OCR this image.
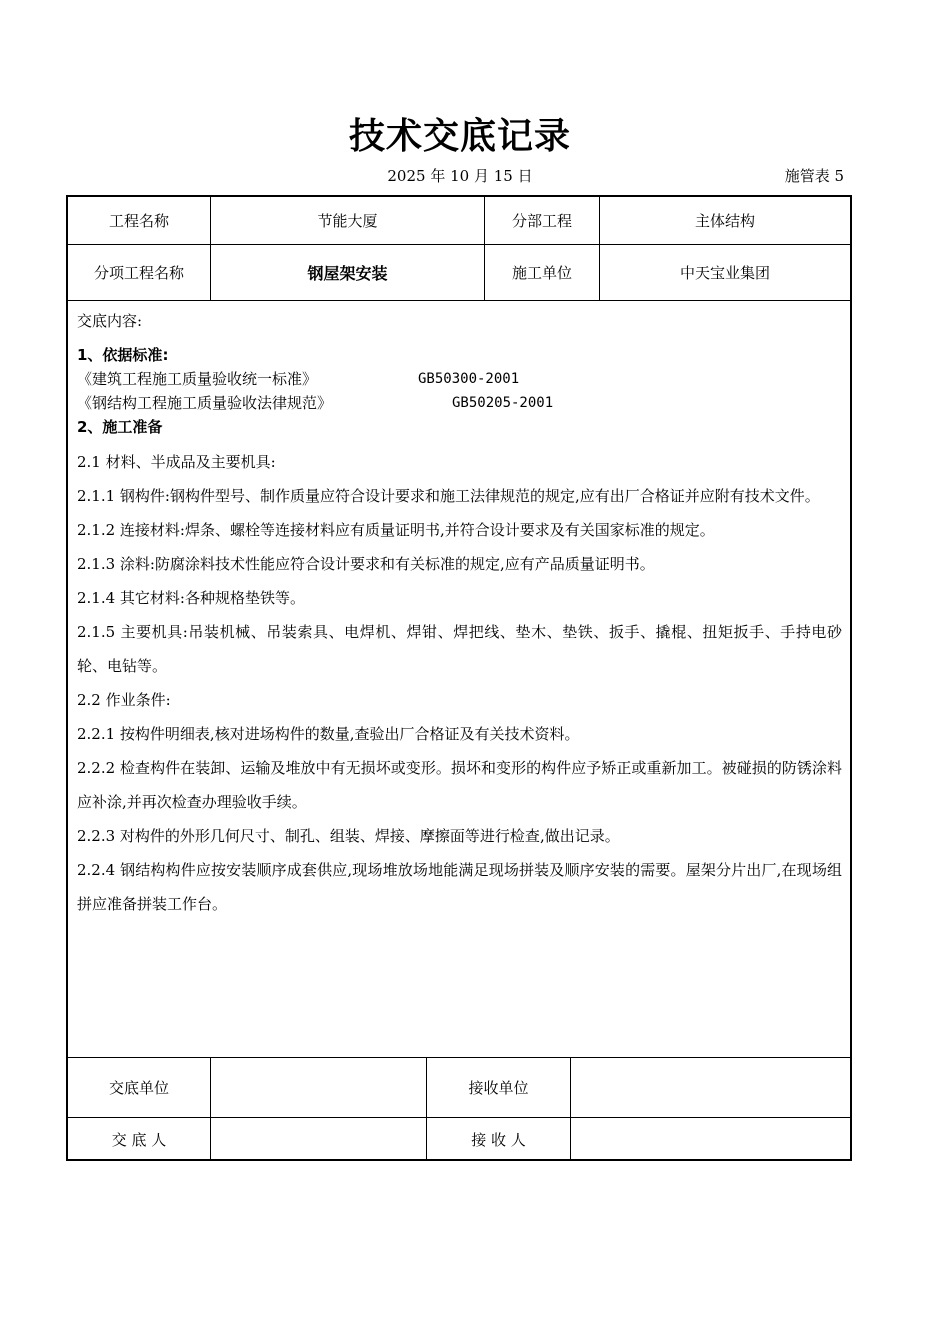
技术交底记录
2025 年 10 月 15 日	施管表 5
工程名称	节能大厦	分部工程	主体结构
分项工程名称	钢屋架安装	施工单位	中天宝业集团

交底内容:

1、依据标准:

《建筑工程施工质量验收统一标准》	GB50300-2001
《钢结构工程施工质量验收法律规范》	GB50205-2001

2、施工准备

2.1 材料、半成品及主要机具:

2.1.1 钢构件:钢构件型号、制作质量应符合设计要求和施工法律规范的规定,应有出厂合格证并应附有技术文件。

2.1.2 连接材料:焊条、螺栓等连接材料应有质量证明书,并符合设计要求及有关国家标准的规定。

2.1.3 涂料:防腐涂料技术性能应符合设计要求和有关标准的规定,应有产品质量证明书。

2.1.4 其它材料:各种规格垫铁等。

2.1.5 主要机具:吊装机械、吊装索具、电焊机、焊钳、焊把线、垫木、垫铁、扳手、撬棍、扭矩扳手、手持电砂轮、电钻等。

2.2 作业条件:

2.2.1 按构件明细表,核对进场构件的数量,查验出厂合格证及有关技术资料。

2.2.2 检查构件在装卸、运输及堆放中有无损坏或变形。损坏和变形的构件应予矫正或重新加工。被碰损的防锈涂料应补涂,并再次检查办理验收手续。

2.2.3 对构件的外形几何尺寸、制孔、组装、焊接、摩擦面等进行检查,做出记录。

2.2.4 钢结构构件应按安装顺序成套供应,现场堆放场地能满足现场拼装及顺序安装的需要。屋架分片出厂,在现场组拼应准备拼装工作台。

交底单位	接收单位
交 底 人	接 收 人
